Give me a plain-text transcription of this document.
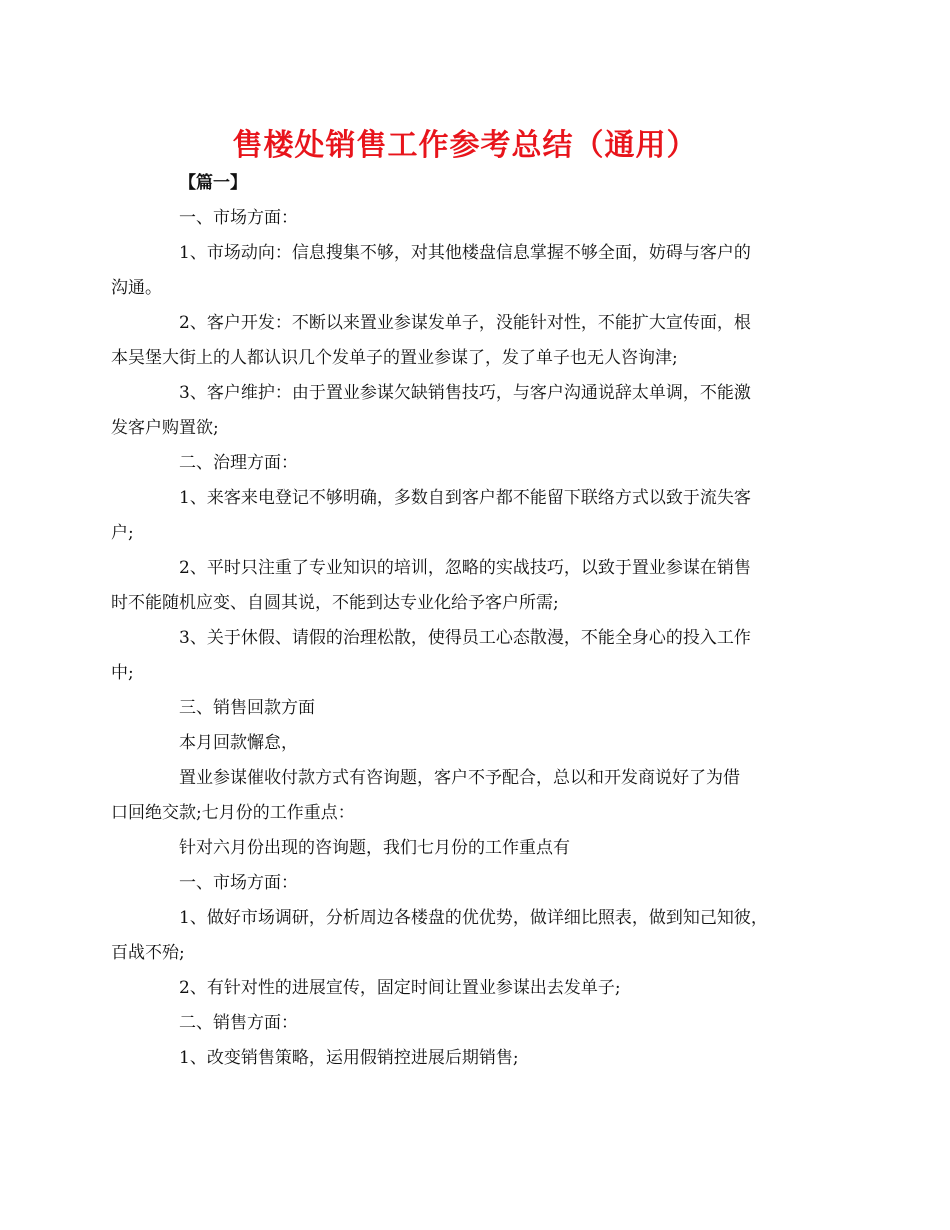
售楼处销售工作参考总结（通用）

【篇一】

一、市场方面：

1、市场动向：信息搜集不够，对其他楼盘信息掌握不够全面，妨碍与客户的
沟通。

2、客户开发：不断以来置业参谋发单子，没能针对性，不能扩大宣传面，根
本吴堡大街上的人都认识几个发单子的置业参谋了，发了单子也无人咨询津;

3、客户维护：由于置业参谋欠缺销售技巧，与客户沟通说辞太单调，不能激
发客户购置欲;

二、治理方面：

1、来客来电登记不够明确，多数自到客户都不能留下联络方式以致于流失客
户;

2、平时只注重了专业知识的培训，忽略的实战技巧，以致于置业参谋在销售
时不能随机应变、自圆其说，不能到达专业化给予客户所需;

3、关于休假、请假的治理松散，使得员工心态散漫，不能全身心的投入工作
中;

三、销售回款方面

本月回款懈怠，

置业参谋催收付款方式有咨询题，客户不予配合，总以和开发商说好了为借
口回绝交款;七月份的工作重点：

针对六月份出现的咨询题，我们七月份的工作重点有

一、市场方面：

1、做好市场调研，分析周边各楼盘的优优势，做详细比照表，做到知己知彼，
百战不殆;

2、有针对性的进展宣传，固定时间让置业参谋出去发单子;

二、销售方面：

1、改变销售策略，运用假销控进展后期销售;
